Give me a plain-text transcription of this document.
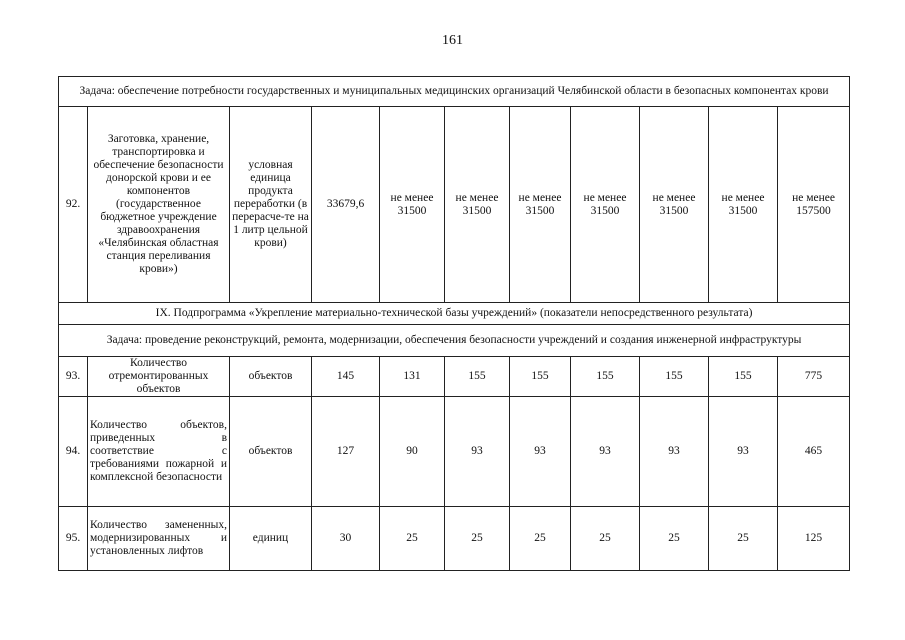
161
Задача: обеспечение потребности государственных и муниципальных медицинских организаций Челябинской области в безопасных компонентах крови										
92.	Заготовка, хранение, транспортировка и обеспечение безопасности донорской крови и ее компонентов (государственное бюджетное учреждение здравоохранения «Челябинская областная станция переливания крови»)	условная единица продукта переработки (в перерасче-те на 1 литр цельной крови)	33679,6	не менее 31500	не менее 31500	не менее 31500	не менее 31500	не менее 31500	не менее 31500	не менее 157500
IX. Подпрограмма «Укрепление материально-технической базы учреждений» (показатели непосредственного результата)										
Задача: проведение реконструкций, ремонта, модернизации, обеспечения безопасности учреждений и создания инженерной инфраструктуры										
93.	Количество отремонтированных объектов	объектов	145	131	155	155	155	155	155	775
94.	Количество объектов, приведенных в соответствие с требованиями пожарной и комплексной безопасности	объектов	127	90	93	93	93	93	93	465
95.	Количество замененных, модернизированных и установленных лифтов	единиц	30	25	25	25	25	25	25	125
